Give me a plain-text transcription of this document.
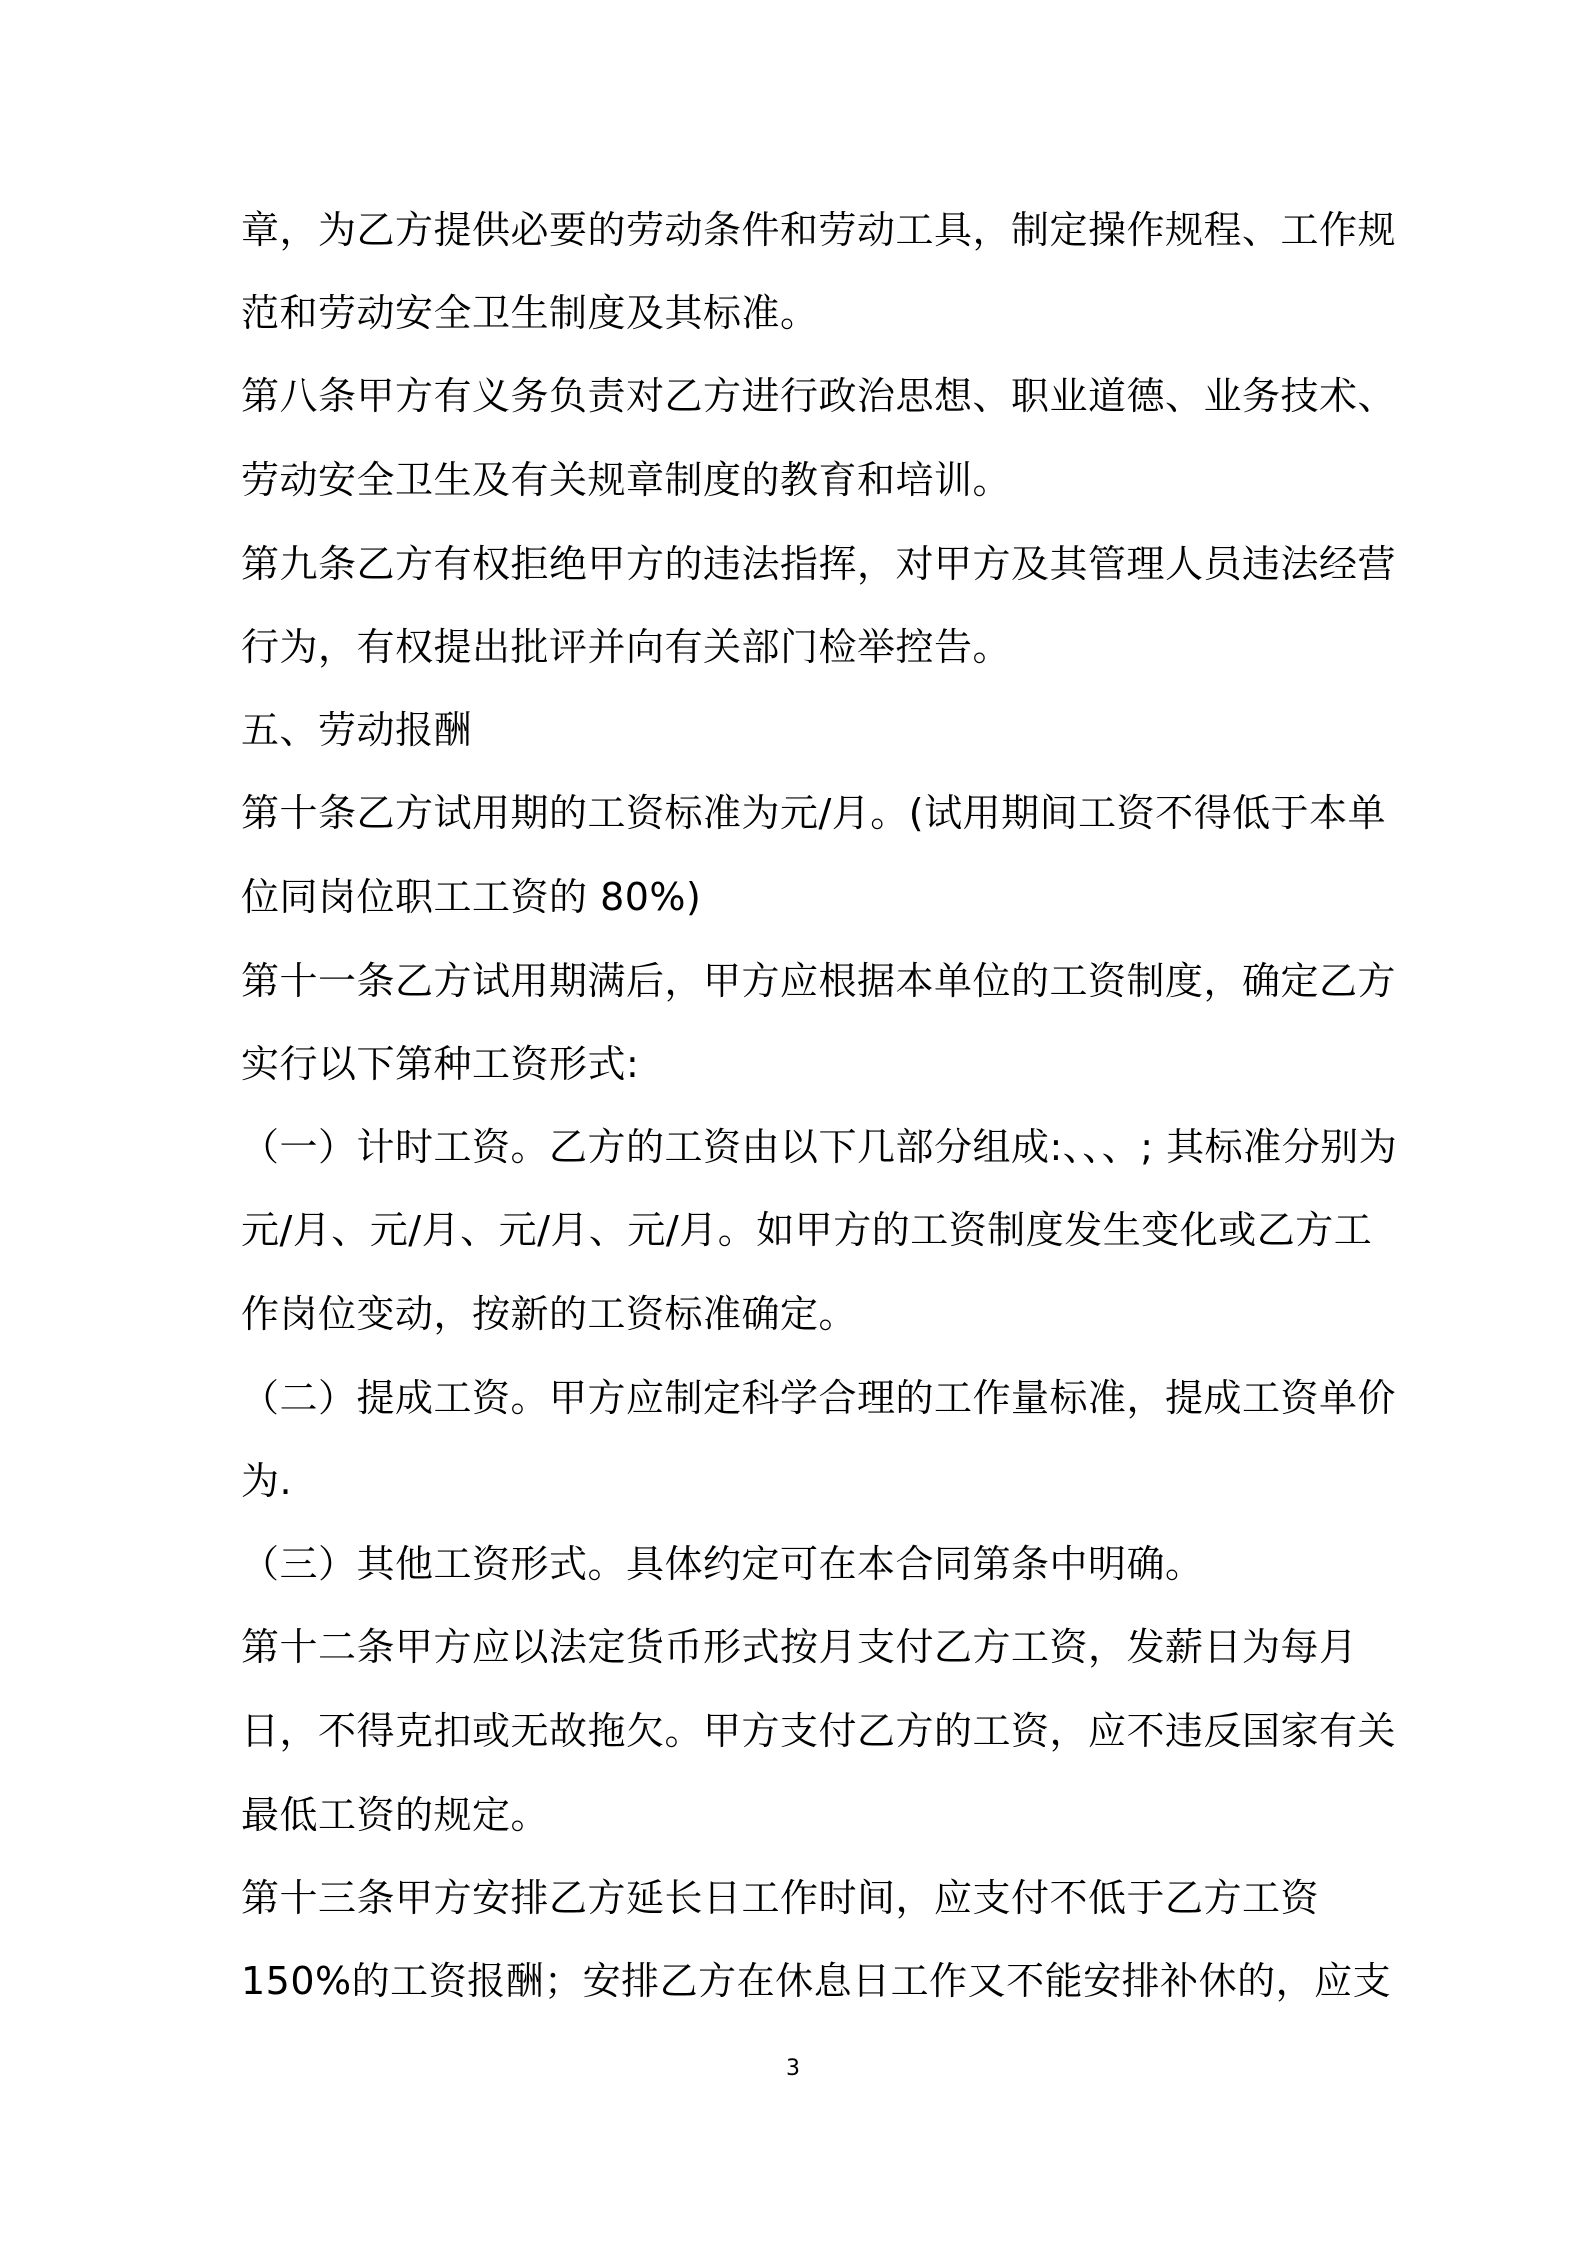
章，为乙方提供必要的劳动条件和劳动工具，制定操作规程、工作规
范和劳动安全卫生制度及其标准。
第八条甲方有义务负责对乙方进行政治思想、职业道德、业务技术、
劳动安全卫生及有关规章制度的教育和培训。
第九条乙方有权拒绝甲方的违法指挥，对甲方及其管理人员违法经营
行为，有权提出批评并向有关部门检举控告。
五、劳动报酬
第十条乙方试用期的工资标准为元/月。(试用期间工资不得低于本单
位同岗位职工工资的 80%)
第十一条乙方试用期满后，甲方应根据本单位的工资制度，确定乙方
实行以下第种工资形式:
（一）计时工资。乙方的工资由以下几部分组成:、、、; 其标准分别为
元/月、元/月、元/月、元/月。如甲方的工资制度发生变化或乙方工
作岗位变动，按新的工资标准确定。
（二）提成工资。甲方应制定科学合理的工作量标准，提成工资单价
为.
（三）其他工资形式。具体约定可在本合同第条中明确。
第十二条甲方应以法定货币形式按月支付乙方工资，发薪日为每月
日，不得克扣或无故拖欠。甲方支付乙方的工资，应不违反国家有关
最低工资的规定。
第十三条甲方安排乙方延长日工作时间，应支付不低于乙方工资
150%的工资报酬；安排乙方在休息日工作又不能安排补休的，应支
3
